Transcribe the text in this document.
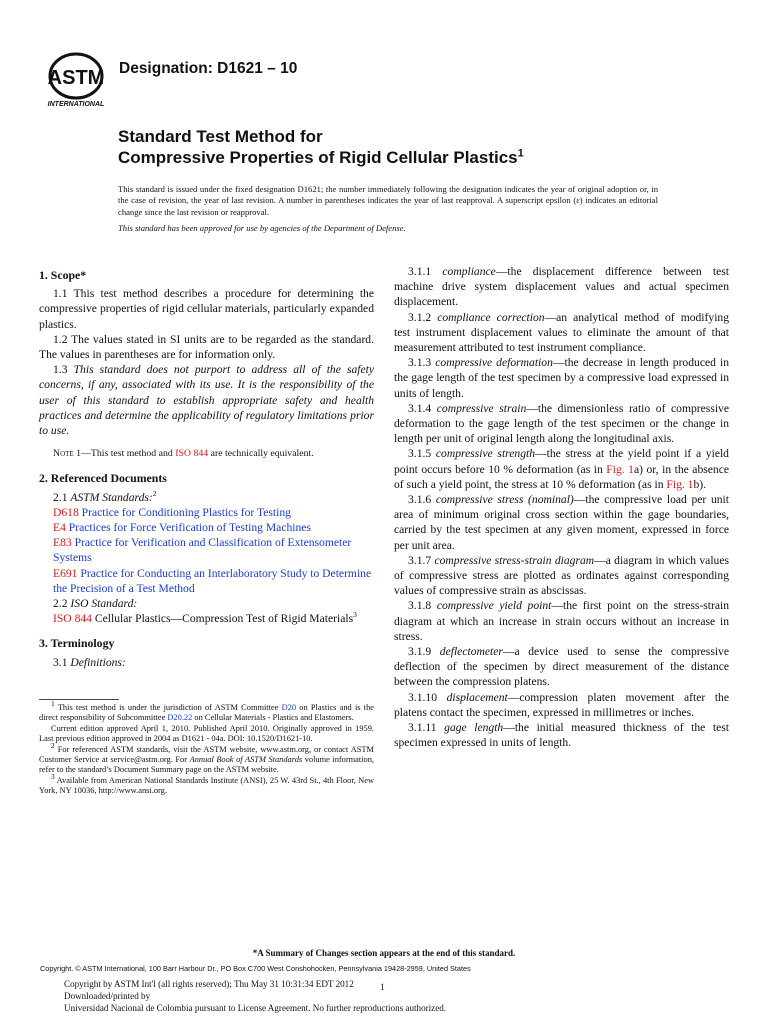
ASTM
INTERNATIONAL
Designation: D1621 – 10
Standard Test Method for
Compressive Properties of Rigid Cellular Plastics$^1$
This standard is issued under the fixed designation D1621; the number immediately following the designation indicates the year of original adoption or, in the case of revision, the year of last revision. A number in parentheses indicates the year of last reapproval. A superscript epsilon (ε) indicates an editorial change since the last revision or reapproval.
This standard has been approved for use by agencies of the Department of Defense.
1. Scope*

1.1 This test method describes a procedure for determining the compressive properties of rigid cellular materials, particularly expanded plastics.

1.2 The values stated in SI units are to be regarded as the standard. The values in parentheses are for information only.

1.3 This standard does not purport to address all of the safety concerns, if any, associated with its use. It is the responsibility of the user of this standard to establish appropriate safety and health practices and determine the applicability of regulatory limitations prior to use.

Note 1—This test method and ISO 844 are technically equivalent.

2. Referenced Documents

2.1 ASTM Standards:$^2$

D618 Practice for Conditioning Plastics for Testing

E4 Practices for Force Verification of Testing Machines

E83 Practice for Verification and Classification of Extensometer Systems

E691 Practice for Conducting an Interlaboratory Study to Determine the Precision of a Test Method

2.2 ISO Standard:

ISO 844 Cellular Plastics—Compression Test of Rigid Materials$^3$

3. Terminology

3.1 Definitions:

$^1$ This test method is under the jurisdiction of ASTM Committee D20 on Plastics and is the direct responsibility of Subcommittee D20.22 on Cellular Materials - Plastics and Elastomers.

Current edition approved April 1, 2010. Published April 2010. Originally approved in 1959. Last previous edition approved in 2004 as D1621 - 04a. DOI: 10.1520/D1621-10.

$^2$ For referenced ASTM standards, visit the ASTM website, www.astm.org, or contact ASTM Customer Service at service@astm.org. For Annual Book of ASTM Standards volume information, refer to the standard’s Document Summary page on the ASTM website.

$^3$ Available from American National Standards Institute (ANSI), 25 W. 43rd St., 4th Floor, New York, NY 10036, http://www.ansi.org.

3.1.1 compliance—the displacement difference between test machine drive system displacement values and actual specimen displacement.

3.1.2 compliance correction—an analytical method of modifying test instrument displacement values to eliminate the amount of that measurement attributed to test instrument compliance.

3.1.3 compressive deformation—the decrease in length produced in the gage length of the test specimen by a compressive load expressed in units of length.

3.1.4 compressive strain—the dimensionless ratio of compressive deformation to the gage length of the test specimen or the change in length per unit of original length along the longitudinal axis.

3.1.5 compressive strength—the stress at the yield point if a yield point occurs before 10 % deformation (as in Fig. 1a) or, in the absence of such a yield point, the stress at 10 % deformation (as in Fig. 1b).

3.1.6 compressive stress (nominal)—the compressive load per unit area of minimum original cross section within the gage boundaries, carried by the test specimen at any given moment, expressed in force per unit area.

3.1.7 compressive stress-strain diagram—a diagram in which values of compressive stress are plotted as ordinates against corresponding values of compressive strain as abscissas.

3.1.8 compressive yield point—the first point on the stress-strain diagram at which an increase in strain occurs without an increase in stress.

3.1.9 deflectometer—a device used to sense the compressive deflection of the specimen by direct measurement of the distance between the compression platens.

3.1.10 displacement—compression platen movement after the platens contact the specimen, expressed in millimetres or inches.

3.1.11 gage length—the initial measured thickness of the test specimen expressed in units of length.

*A Summary of Changes section appears at the end of this standard.
Copyright. © ASTM International, 100 Barr Harbour Dr., PO Box C700 West Conshohocken, Pennsylvania 19428-2959, United States
Copyright by ASTM Int'l (all rights reserved); Thu May 31 10:31:34 EDT 2012
Downloaded/printed by
Universidad Nacional de Colombia pursuant to License Agreement. No further reproductions authorized.
1
